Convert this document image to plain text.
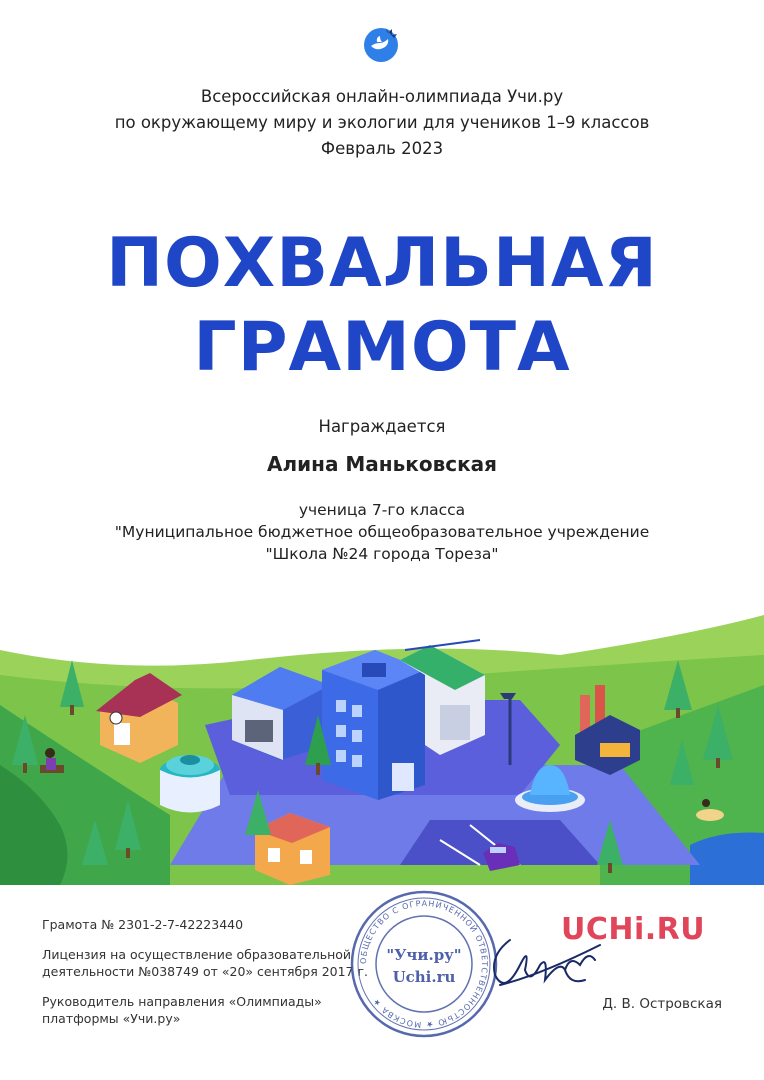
Всероссийская онлайн-олимпиада Учи.ру
по окружающему миру и экологии для учеников 1–9 классов
Февраль 2023
ПОХВАЛЬНАЯ
ГРАМОТА
Награждается
Алина Маньковская
ученица 7-го класса
"Муниципальное бюджетное общеобразовательное учреждение
"Школа №24 города Тореза"
Грамота № 2301-2-7-42223440
Лицензия на осуществление образовательной
деятельности №038749 от «20» сентября 2017 г.
Руководитель направления «Олимпиады»
платформы «Учи.ру»
ОБЩЕСТВО С ОГРАНИЧЕННОЙ ОТВЕТСТВЕННОСТЬЮ ★ МОСКВА ★
"Учи.ру"
Uchi.ru
UCHi.RU
Д. В. Островская
